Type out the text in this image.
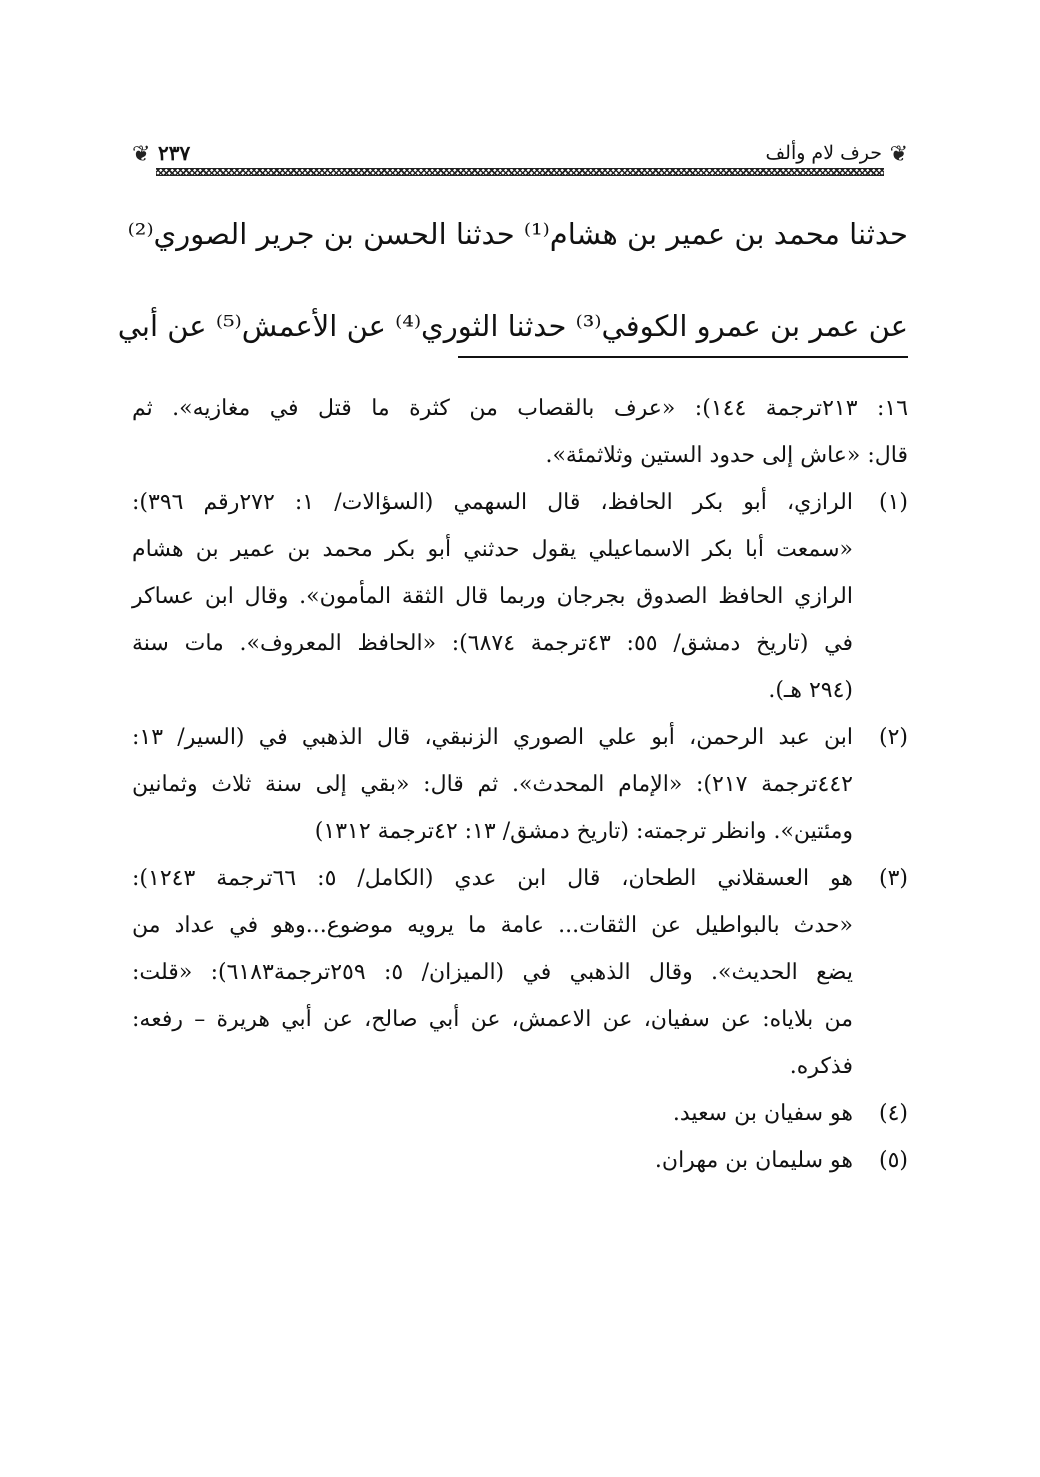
❦
حرف لام وألف
٢٣٧
❦

حدثنا محمد بن عمير بن هشام⁽¹⁾ حدثنا الحسن بن جرير الصوري⁽²⁾

عن عمر بن عمرو الكوفي⁽³⁾ حدثنا الثوري⁽⁴⁾ عن الأعمش⁽⁵⁾ عن أبي

١٦: ٢١٣ترجمة ١٤٤): «عرف بالقصاب من كثرة ما قتل في مغازيه». ثم
قال: «عاش إلى حدود الستين وثلاثمئة».
(١)
الرازي، أبو بكر الحافظ، قال السهمي (السؤالات/ ١: ٢٧٢رقم ٣٩٦):
«سمعت أبا بكر الاسماعيلي يقول حدثني أبو بكر محمد بن عمير بن هشام
الرازي الحافظ الصدوق بجرجان وربما قال الثقة المأمون». وقال ابن عساكر
في (تاريخ دمشق/ ٥٥: ٤٣ترجمة ٦٨٧٤): «الحافظ المعروف». مات سنة
(٢٩٤ هـ).
(٢)
ابن عبد الرحمن، أبو علي الصوري الزنبقي، قال الذهبي في (السير/ ١٣:
٤٤٢ترجمة ٢١٧): «الإمام المحدث». ثم قال: «بقي إلى سنة ثلاث وثمانين
ومئتين». وانظر ترجمته: (تاريخ دمشق/ ١٣: ٤٢ترجمة ١٣١٢)
(٣)
هو العسقلاني الطحان، قال ابن عدي (الكامل/ ٥: ٦٦ترجمة ١٢٤٣):
«حدث بالبواطيل عن الثقات... عامة ما يرويه موضوع...وهو في عداد من
يضع الحديث». وقال الذهبي في (الميزان/ ٥: ٢٥٩ترجمة٦١٨٣): «قلت:
من بلاياه: عن سفيان، عن الاعمش، عن أبي صالح، عن أبي هريرة – رفعه:
فذكره.
(٤)
هو سفيان بن سعيد.
(٥)
هو سليمان بن مهران.
